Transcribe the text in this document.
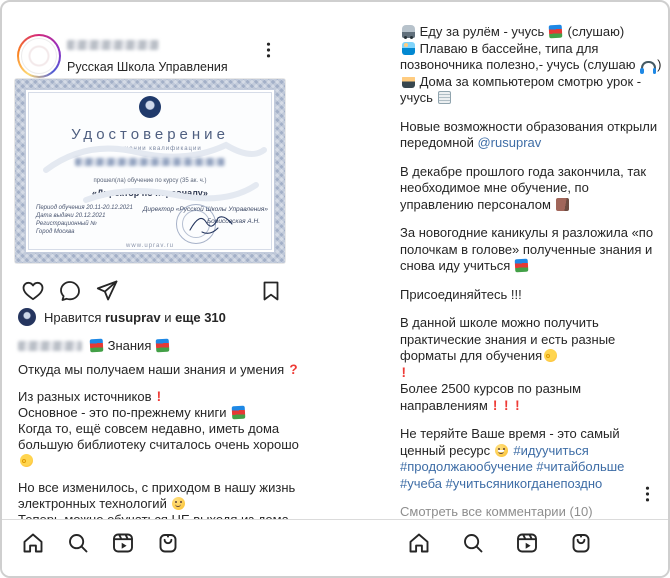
Русская Школа Управления
Удостоверение
о повышении квалификации
прошел(ла) обучение по курсу (35 ак. ч.)
«Директор по персоналу»
Период обучения 20.11-20.12.2021
Дата выдачи 20.12.2021
Регистрационный №
Город Москва
Директор «Русской Школы Управления»
Борисовская А.Н.
www.uprav.ru
Нравится rusuprav и еще 310
Знания
Откуда мы получаем наши знания и умения ?
Из разных источников !
Основное - это по-прежнему книги
Когда то, ещё совсем недавно, иметь дома большую библиотеку считалось очень хорошо
Но все изменилось, с приходом в нашу жизнь электронных технологий
Еду за рулём - учусь  (слушаю)
Плаваю в бассейне, типа для позвоночника полезно,- учусь (слушаю )
Дома за компьютером смотрю урок - учусь
Новые возможности образования открыли передомной @rusuprav
В декабре прошлого года закончила, так необходимое мне обучение, по управлению персоналом
За новогодние каникулы я разложила «по полочкам в голове» полученные знания и снова иду учиться
Присоединяйтесь !!!
В данной школе можно получить практические знания и есть разные форматы для обучения
!
Более 2500 курсов по разным направлениям ! ! !
Не теряйте Ваше время - это самый ценный ресурс  #идуучиться #продолжаюобучение #читайбольше #учеба #учитьсяникогданепоздно
Смотреть все комментарии (10)
